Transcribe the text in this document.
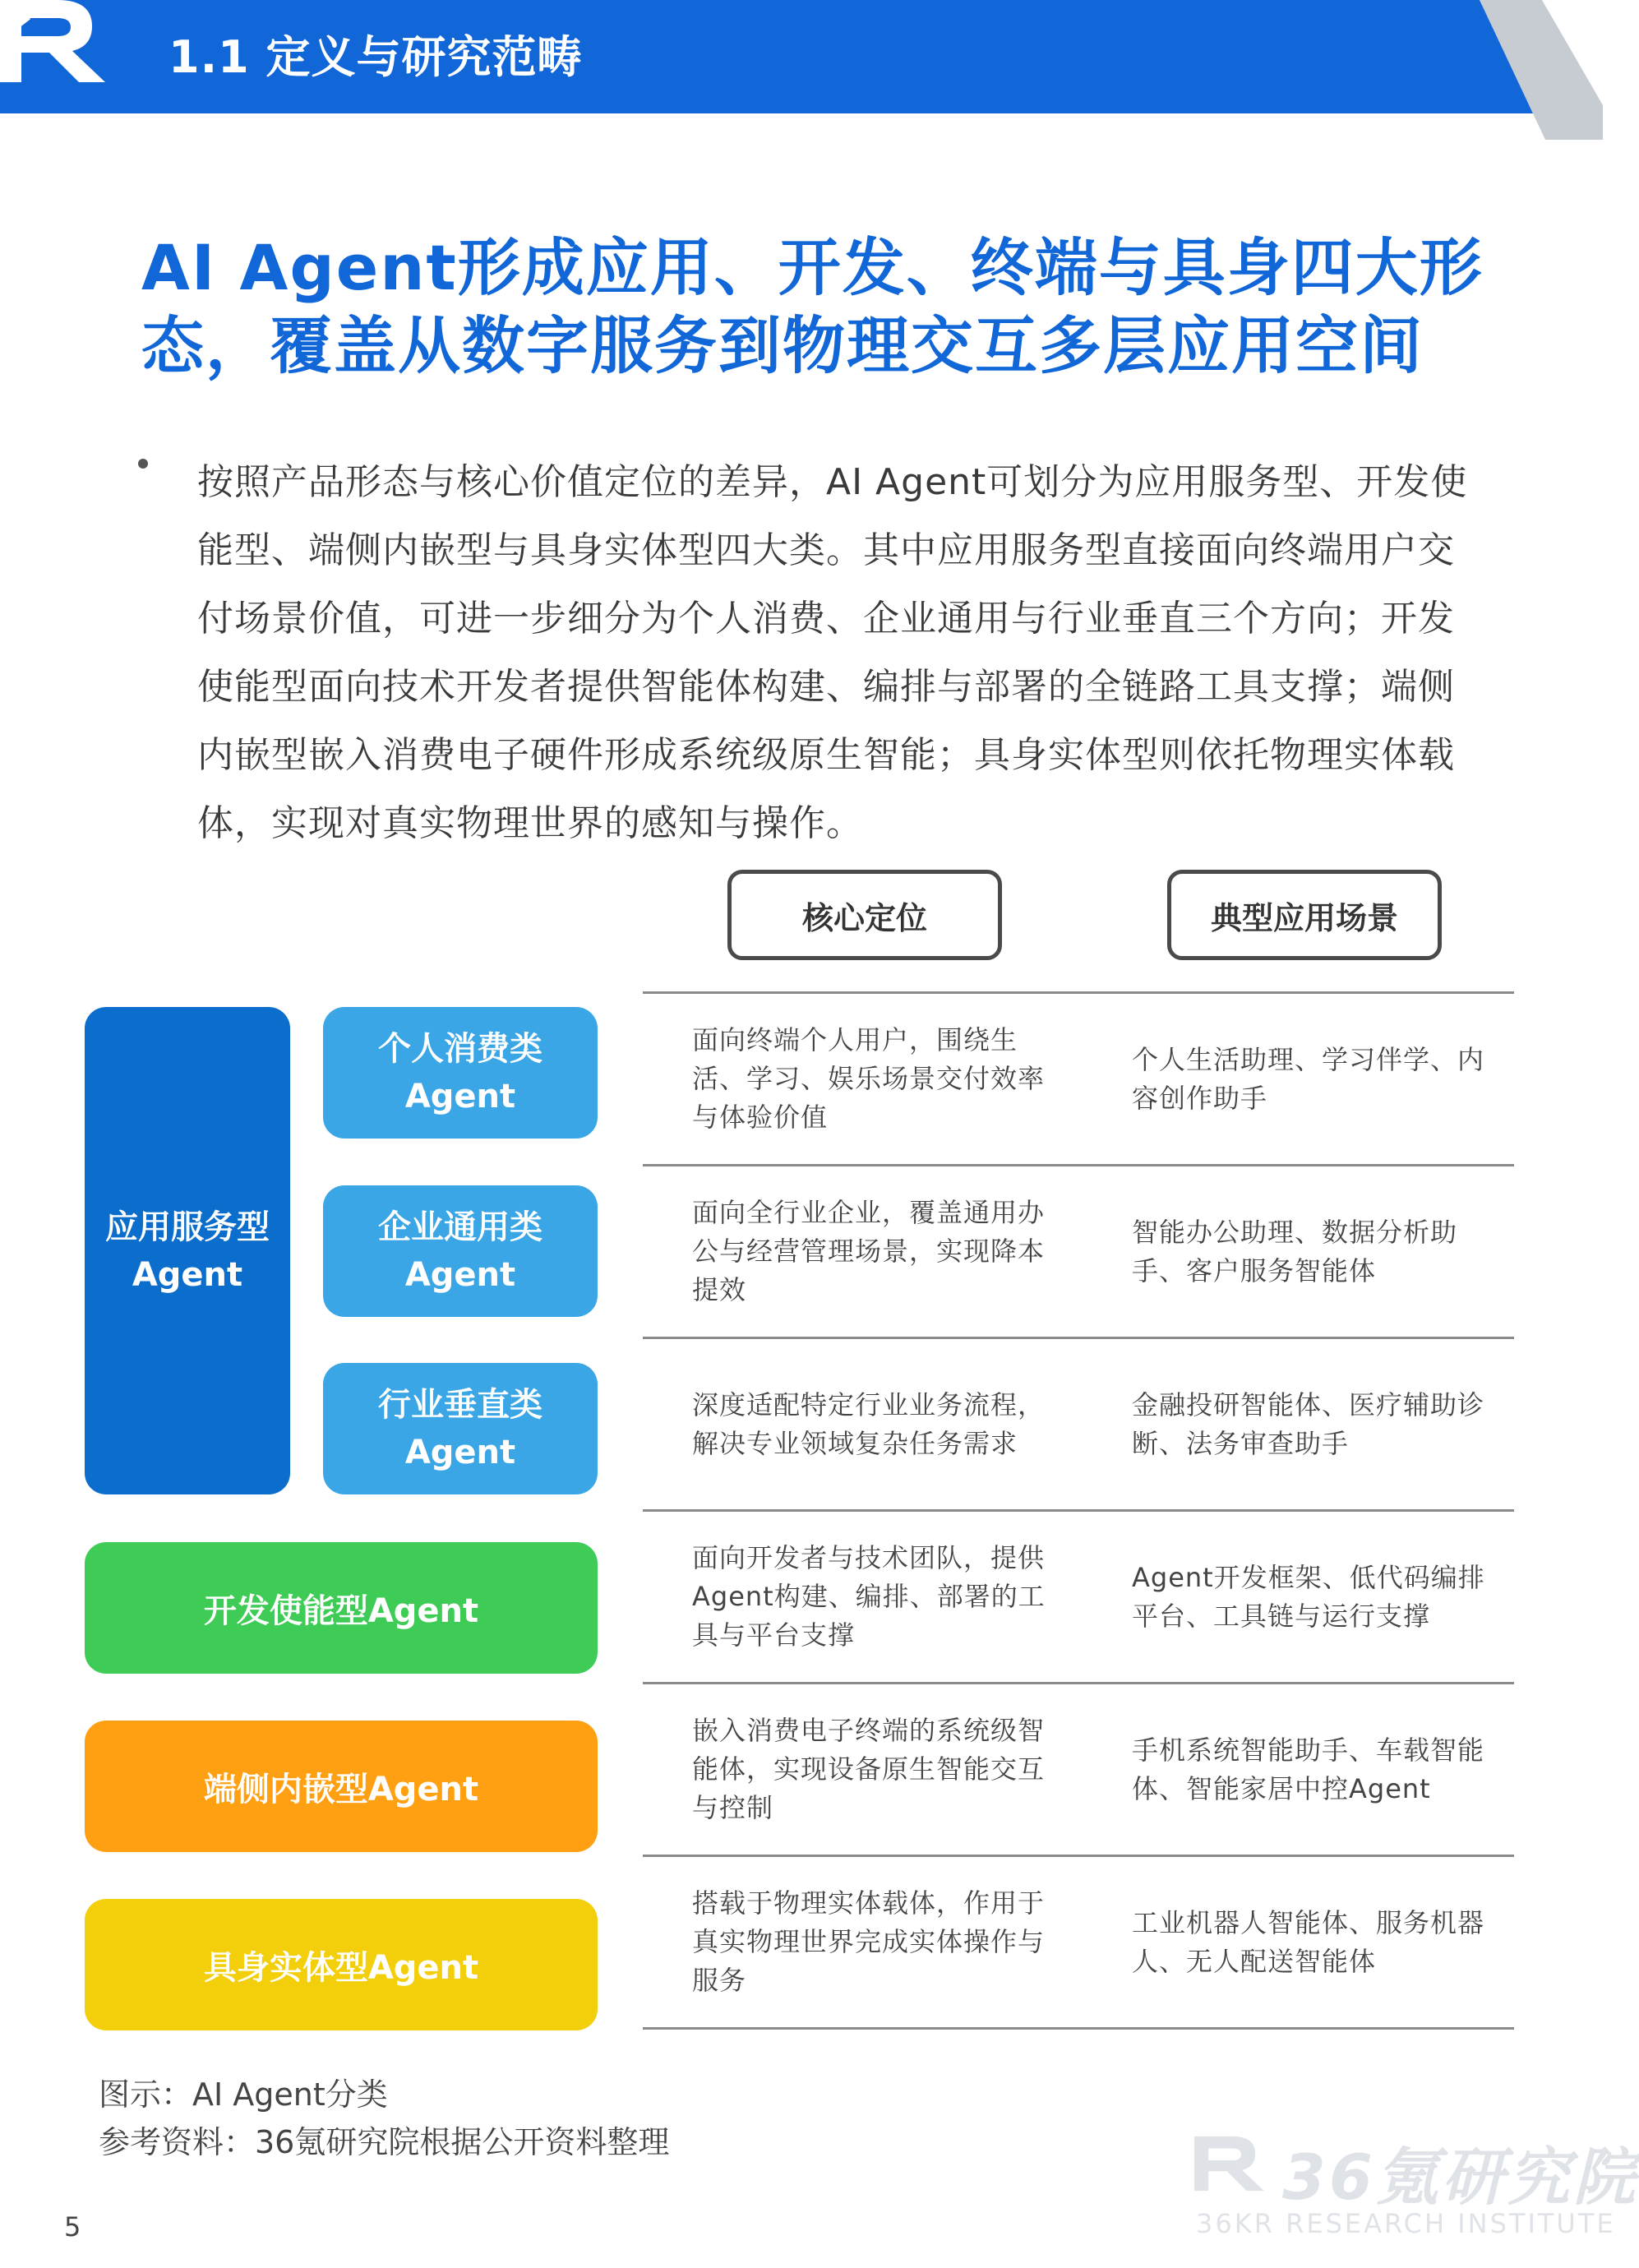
1.1 定义与研究范畴
AI Agent形成应用、开发、终端与具身四大形
态，覆盖从数字服务到物理交互多层应用空间
按照产品形态与核心价值定位的差异，AI Agent可划分为应用服务型、开发使能型、端侧内嵌型与具身实体型四大类。其中应用服务型直接面向终端用户交付场景价值，可进一步细分为个人消费、企业通用与行业垂直三个方向；开发使能型面向技术开发者提供智能体构建、编排与部署的全链路工具支撑；端侧内嵌型嵌入消费电子硬件形成系统级原生智能；具身实体型则依托物理实体载体，实现对真实物理世界的感知与操作。
核心定位	典型应用场景
应用服务型
Agent
个人消费类
Agent
企业通用类
Agent
行业垂直类
Agent
开发使能型Agent
端侧内嵌型Agent
具身实体型Agent
面向终端个人用户，围绕生活、学习、娱乐场景交付效率与体验价值
面向全行业企业，覆盖通用办公与经营管理场景，实现降本提效
深度适配特定行业业务流程，解决专业领域复杂任务需求
面向开发者与技术团队，提供Agent构建、编排、部署的工具与平台支撑
嵌入消费电子终端的系统级智能体，实现设备原生智能交互与控制
搭载于物理实体载体，作用于真实物理世界完成实体操作与服务
个人生活助理、学习伴学、内容创作助手
智能办公助理、数据分析助手、客户服务智能体
金融投研智能体、医疗辅助诊断、法务审查助手
Agent开发框架、低代码编排平台、工具链与运行支撑
手机系统智能助手、车载智能体、智能家居中控Agent
工业机器人智能体、服务机器人、无人配送智能体
图示：AI Agent分类
参考资料：36氪研究院根据公开资料整理
5
36氪研究院
36KR RESEARCH INSTITUTE
